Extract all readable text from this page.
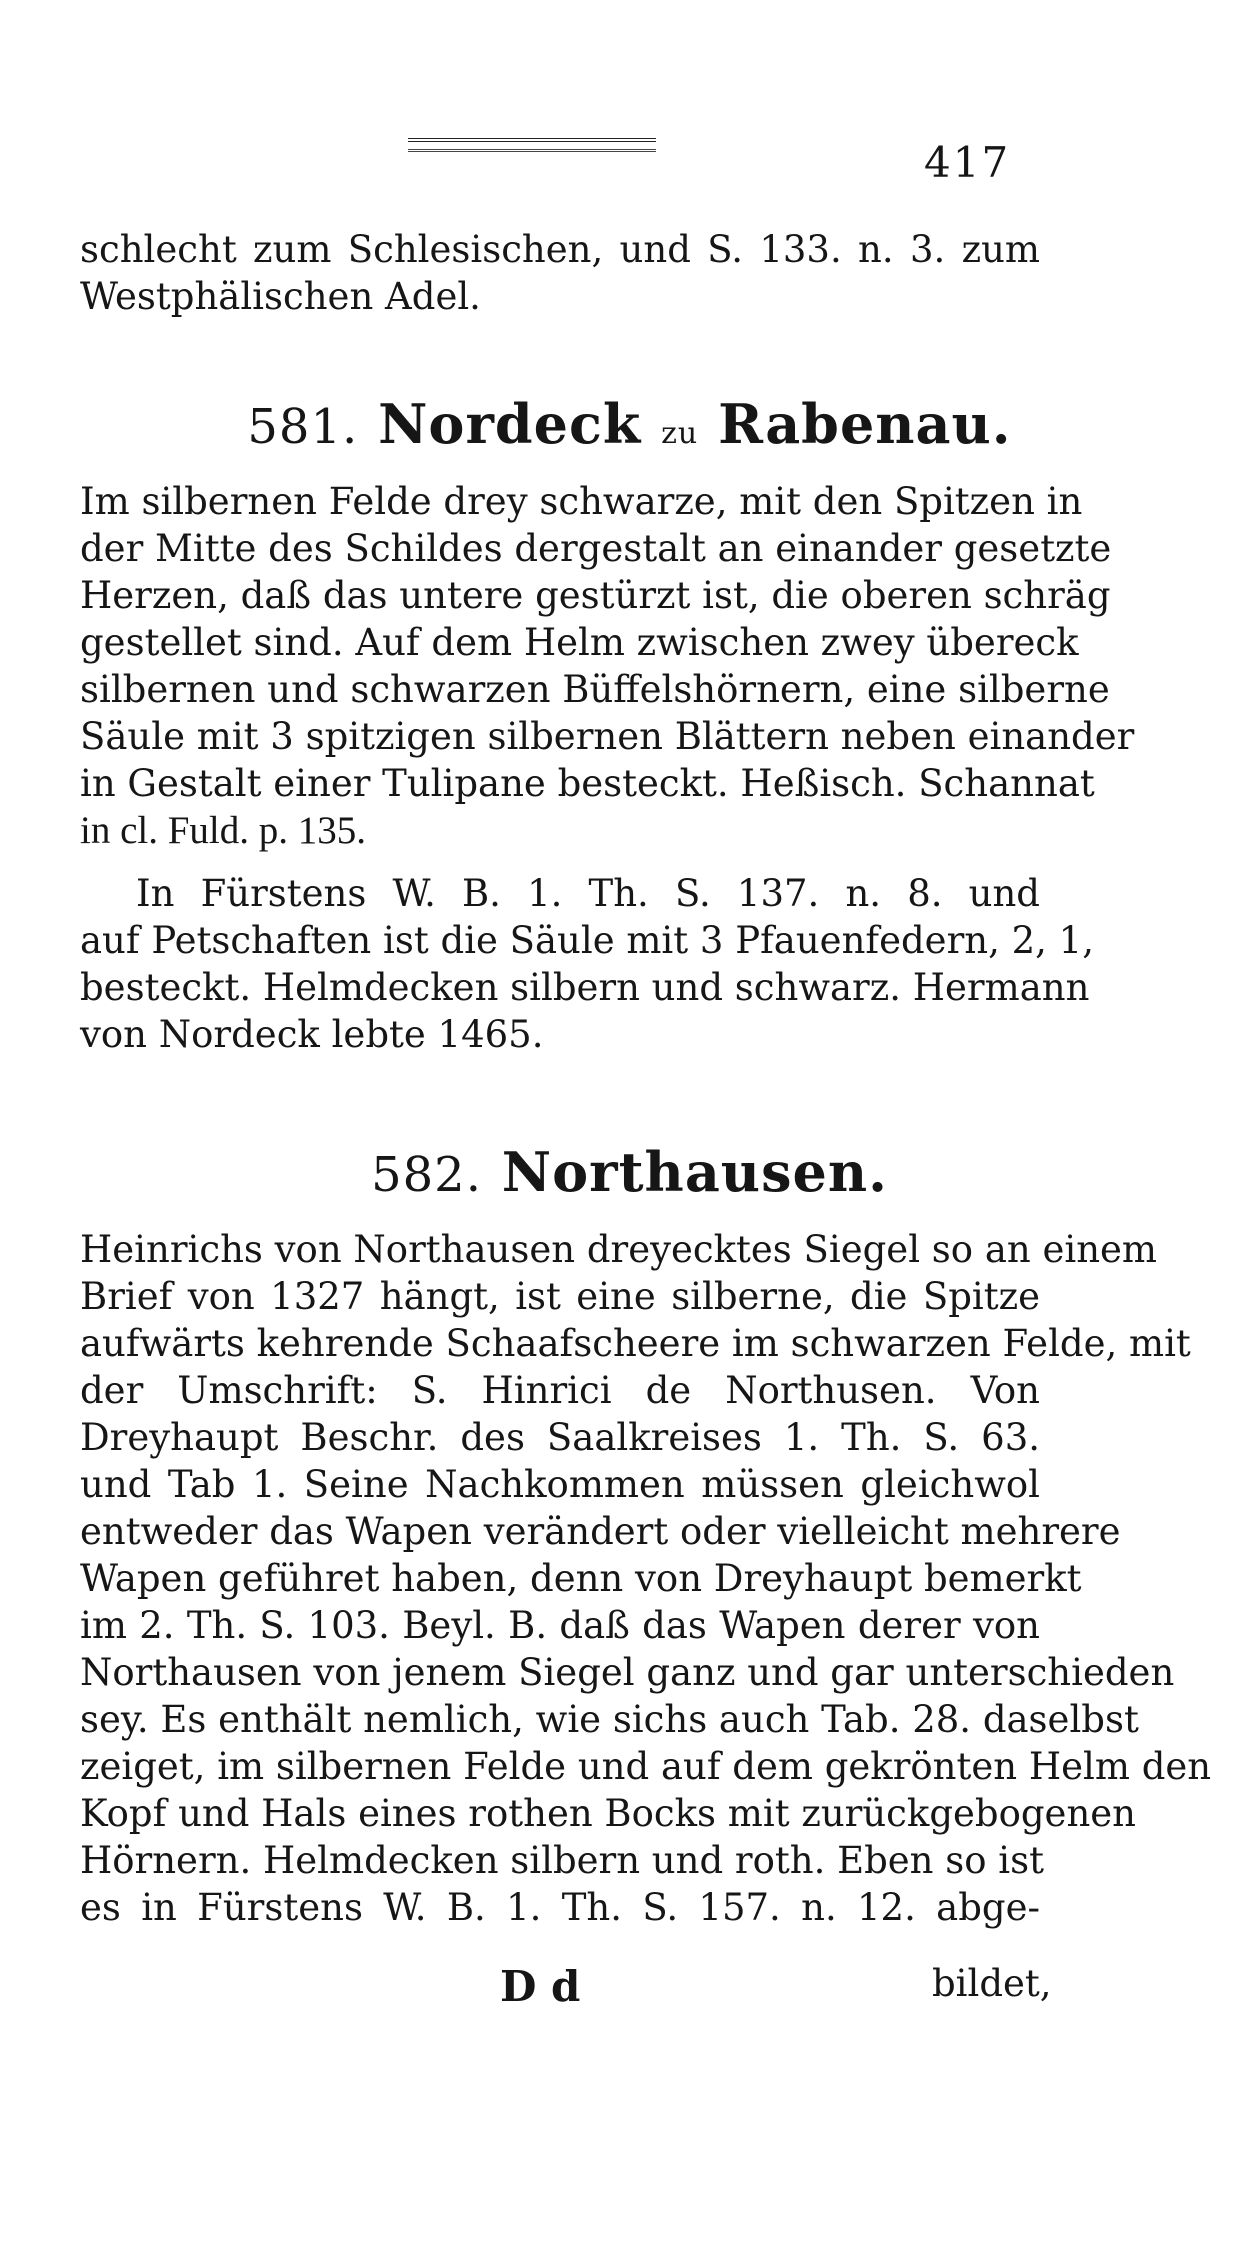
417
schlecht zum Schlesischen, und S. 133. n. 3. zum
Westphälischen Adel.
581. Nordeck zu Rabenau.
Im silbernen Felde drey schwarze, mit den Spitzen in
der Mitte des Schildes dergestalt an einander gesetzte
Herzen, daß das untere gestürzt ist, die oberen schräg
gestellet sind. Auf dem Helm zwischen zwey übereck
silbernen und schwarzen Büffelshörnern, eine silberne
Säule mit 3 spitzigen silbernen Blättern neben einander
in Gestalt einer Tulipane besteckt. Heßisch. Schannat
in cl. Fuld. p. 135.
In Fürstens W. B. 1. Th. S. 137. n. 8. und
auf Petschaften ist die Säule mit 3 Pfauenfedern, 2, 1,
besteckt. Helmdecken silbern und schwarz. Hermann
von Nordeck lebte 1465.
582. Northausen.
Heinrichs von Northausen dreyecktes Siegel so an einem
Brief von 1327 hängt, ist eine silberne, die Spitze
aufwärts kehrende Schaafscheere im schwarzen Felde, mit
der Umschrift: S. Hinrici de Northusen. Von
Dreyhaupt Beschr. des Saalkreises 1. Th. S. 63.
und Tab 1. Seine Nachkommen müssen gleichwol
entweder das Wapen verändert oder vielleicht mehrere
Wapen geführet haben, denn von Dreyhaupt bemerkt
im 2. Th. S. 103. Beyl. B. daß das Wapen derer von
Northausen von jenem Siegel ganz und gar unterschieden
sey. Es enthält nemlich, wie sichs auch Tab. 28. daselbst
zeiget, im silbernen Felde und auf dem gekrönten Helm den
Kopf und Hals eines rothen Bocks mit zurückgebogenen
Hörnern. Helmdecken silbern und roth. Eben so ist
es in Fürstens W. B. 1. Th. S. 157. n. 12. abge-
D d	bildet,
